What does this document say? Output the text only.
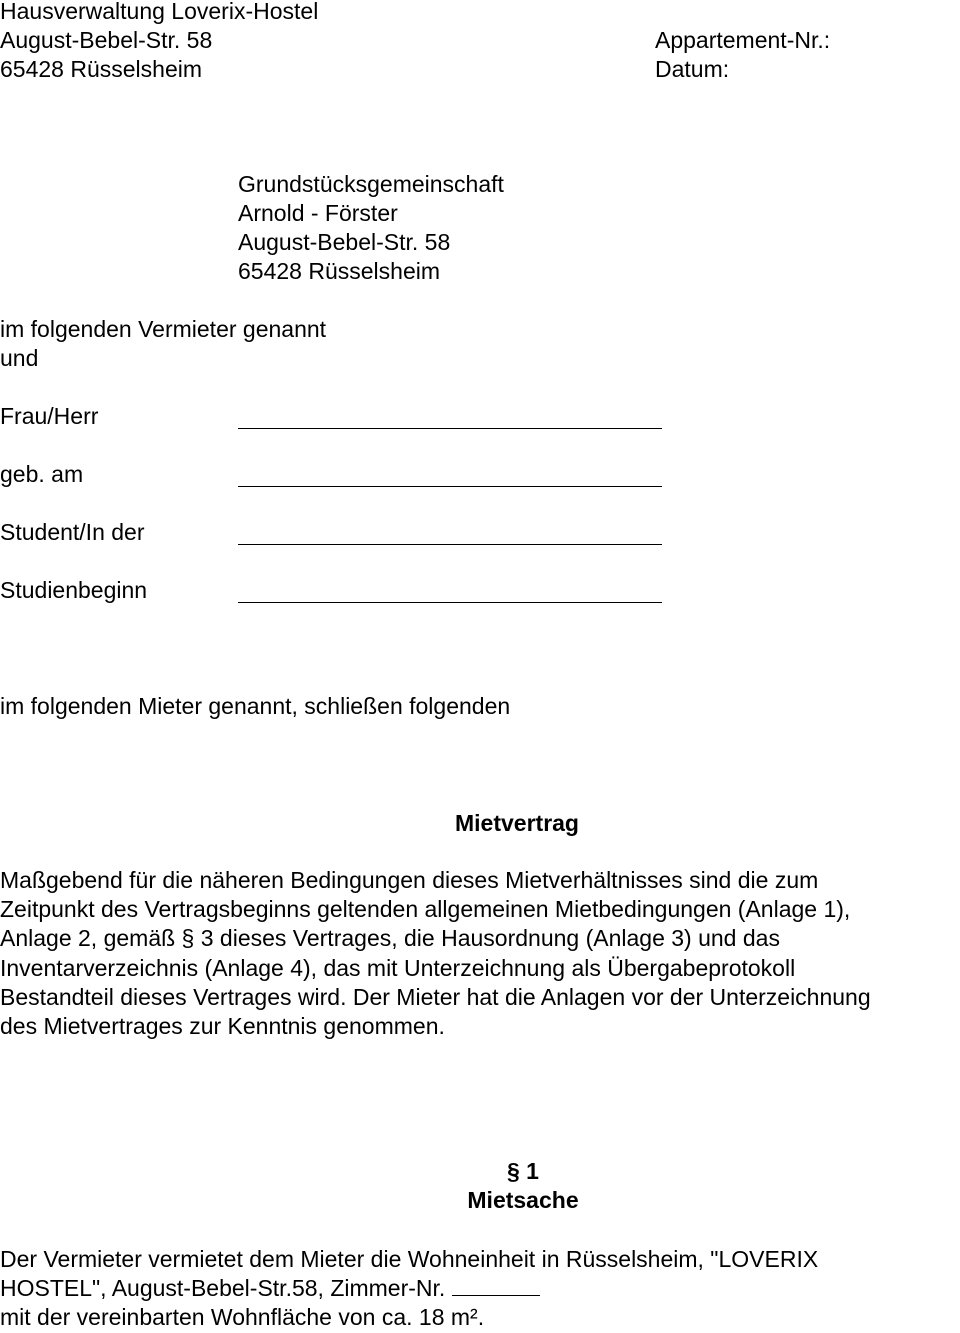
Hausverwaltung Loverix-Hostel
August-Bebel-Str. 58
65428 Rüsselsheim
Appartement-Nr.:
Datum:
Grundstücksgemeinschaft
Arnold - Förster
August-Bebel-Str. 58
65428 Rüsselsheim
im folgenden Vermieter genannt
und
Frau/Herr
geb. am
Student/In der
Studienbeginn
im folgenden Mieter genannt, schließen folgenden
Mietvertrag
Maßgebend für die näheren Bedingungen dieses Mietverhältnisses sind die zum
Zeitpunkt des Vertragsbeginns geltenden allgemeinen Mietbedingungen (Anlage 1),
Anlage 2, gemäß § 3 dieses Vertrages, die Hausordnung (Anlage 3) und das
Inventarverzeichnis (Anlage 4), das mit Unterzeichnung als Übergabeprotokoll
Bestandteil dieses Vertrages wird. Der Mieter hat die Anlagen vor der Unterzeichnung
des Mietvertrages zur Kenntnis genommen.
§ 1
Mietsache
Der Vermieter vermietet dem Mieter die Wohneinheit in Rüsselsheim, "LOVERIX
HOSTEL", August-Bebel-Str.58, Zimmer-Nr.
mit der vereinbarten Wohnfläche von ca. 18 m².
